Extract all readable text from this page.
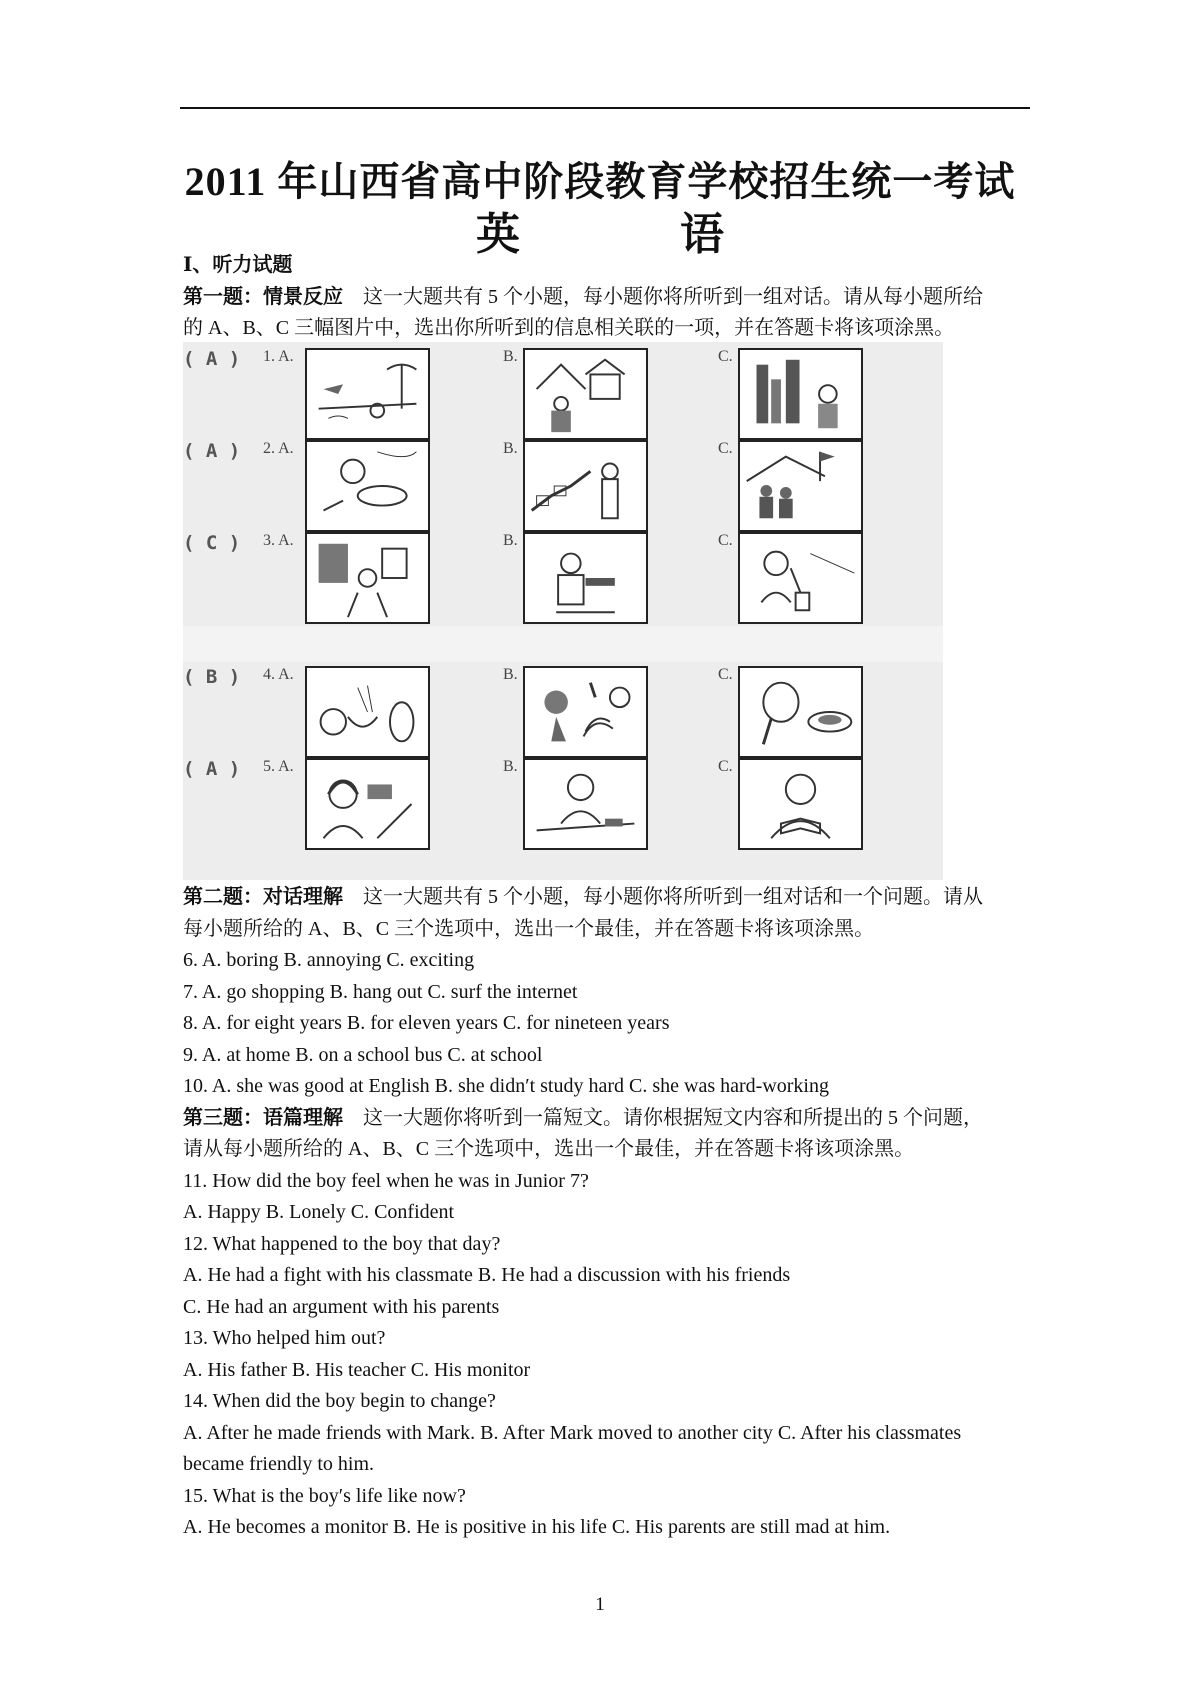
2011 年山西省高中阶段教育学校招生统一考试
英　语

Ⅰ、听力试题

第一题：情景反应　这一大题共有 5 个小题，每小题你将所听到一组对话。请从每小题所给

的 A、B、C 三幅图片中，选出你所听到的信息相关联的一项，并在答题卡将该项涂黑。

( A ) 1. A.	B.	C.
( A ) 2. A.	B.	C.
( C ) 3. A.	B.	C.
( B ) 4. A.	B.	C.
( A ) 5. A.	B.	C.

第二题：对话理解　这一大题共有 5 个小题，每小题你将所听到一组对话和一个问题。请从

每小题所给的 A、B、C 三个选项中，选出一个最佳，并在答题卡将该项涂黑。

6. A. boring B. annoying C. exciting

7. A. go shopping B. hang out C. surf the internet

8. A. for eight years B. for eleven years C. for nineteen years

9. A. at home B. on a school bus C. at school

10. A. she was good at English B. she didn′t study hard C. she was hard-working

第三题：语篇理解　这一大题你将听到一篇短文。请你根据短文内容和所提出的 5 个问题，

请从每小题所给的 A、B、C 三个选项中，选出一个最佳，并在答题卡将该项涂黑。

11. How did the boy feel when he was in Junior 7?

A. Happy B. Lonely C. Confident

12. What happened to the boy that day?

A. He had a fight with his classmate B. He had a discussion with his friends

C. He had an argument with his parents

13. Who helped him out?

A. His father B. His teacher C. His monitor

14. When did the boy begin to change?

A. After he made friends with Mark. B. After Mark moved to another city C. After his classmates

became friendly to him.

15. What is the boy′s life like now?

A. He becomes a monitor B. He is positive in his life C. His parents are still mad at him.

1
